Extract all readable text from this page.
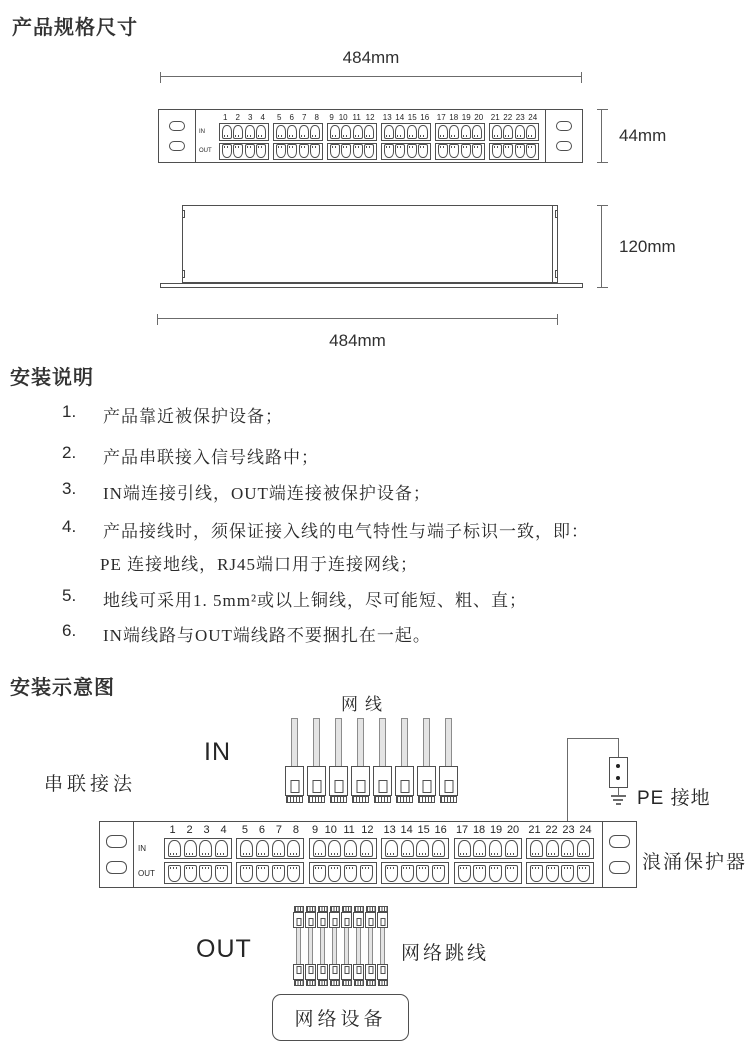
产品规格尺寸
484mm
IN
OUT
1 2 3 4 5 6 7 8 9 10 11 12 13 14 15 16 17 18 19 20 21 22 23 24
44mm
120mm
484mm
安装说明
1. 产品靠近被保护设备；
2. 产品串联接入信号线路中；
3. IN端连接引线，OUT端连接被保护设备；
4. 产品接线时，须保证接入线的电气特性与端子标识一致，即：
PE 连接地线，RJ45端口用于连接网线；
5. 地线可采用1. 5mm²或以上铜线，尽可能短、粗、直；
6. IN端线路与OUT端线路不要捆扎在一起。
安装示意图
网线
IN
串联接法
PE 接地
IN
OUT
1 2 3 4 5 6 7 8 9 10 11 12 13 14 15 16 17 18 19 20 21 22 23 24
浪涌保护器
OUT	网络跳线
网络设备
